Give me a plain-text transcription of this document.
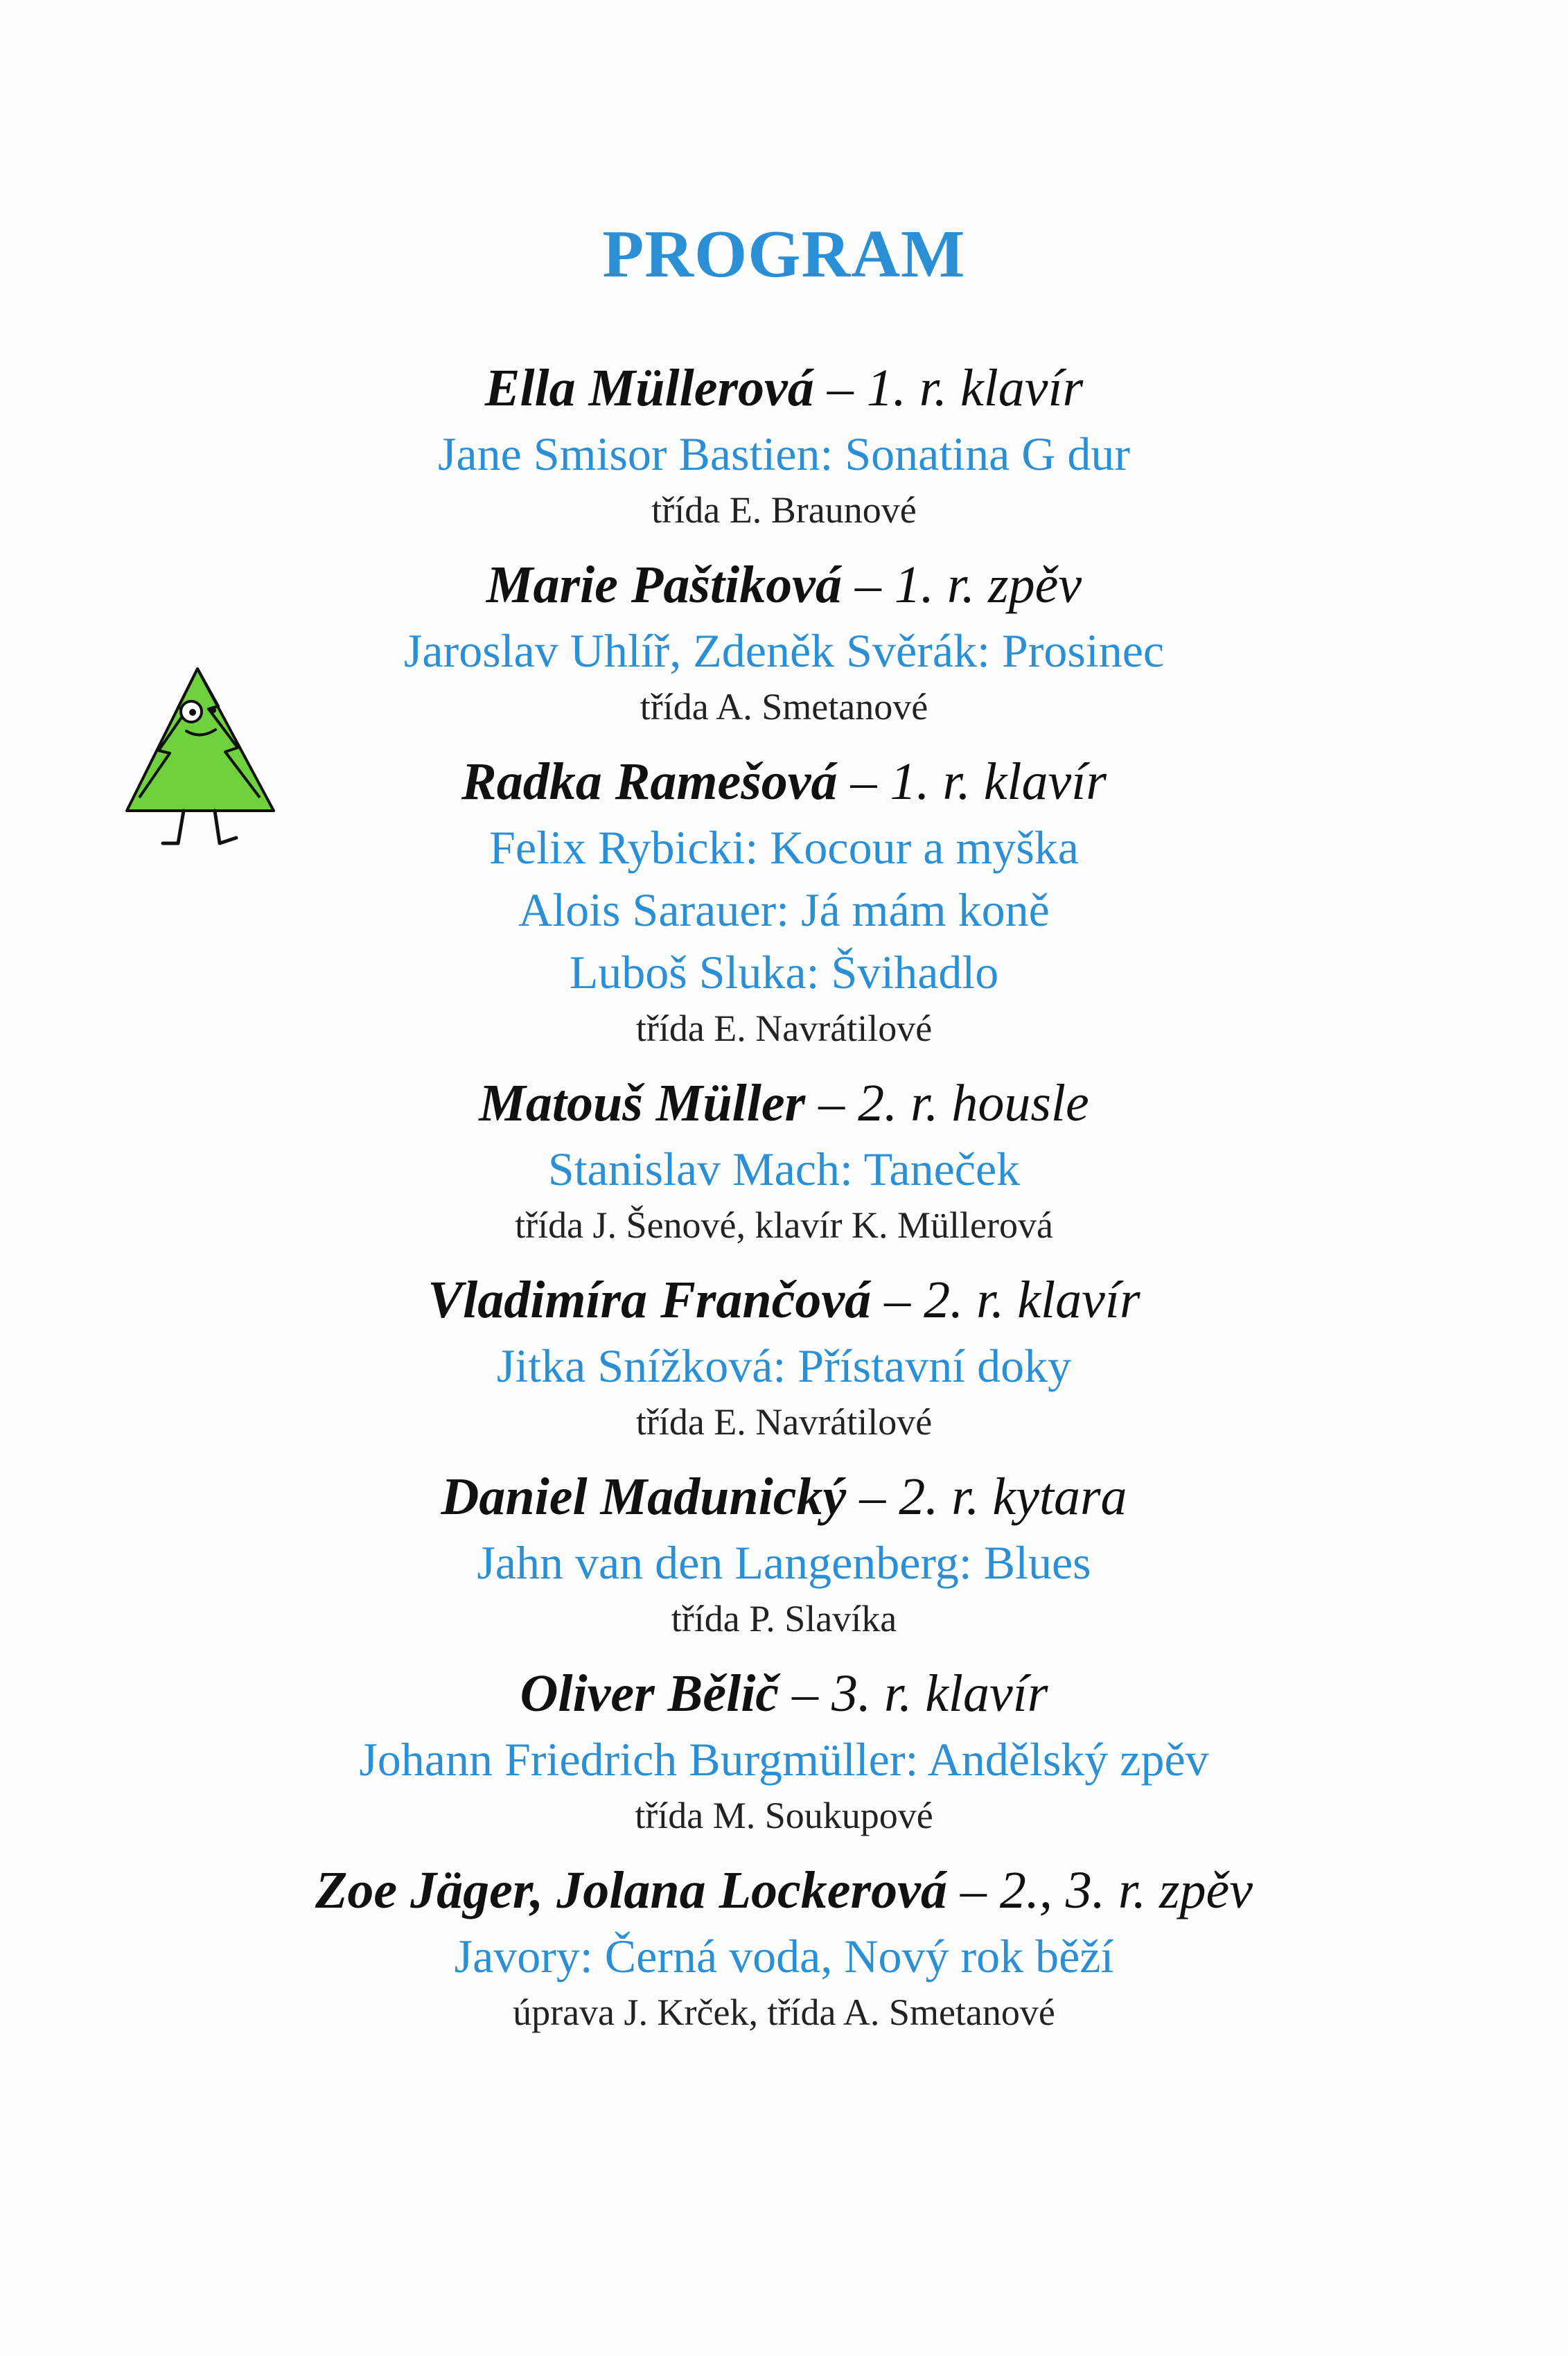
PROGRAM
Ella Müllerová – 1. r. klavír
Jane Smisor Bastien: Sonatina G dur
třída E. Braunové
Marie Paštiková – 1. r. zpěv
Jaroslav Uhlíř, Zdeněk Svěrák: Prosinec
třída A. Smetanové
Radka Ramešová – 1. r. klavír
Felix Rybicki: Kocour a myška
Alois Sarauer: Já mám koně
Luboš Sluka: Švihadlo
třída E. Navrátilové
Matouš Müller – 2. r. housle
Stanislav Mach: Taneček
třída J. Šenové, klavír K. Müllerová
Vladimíra Frančová – 2. r. klavír
Jitka Snížková: Přístavní doky
třída E. Navrátilové
Daniel Madunický – 2. r. kytara
Jahn van den Langenberg: Blues
třída P. Slavíka
Oliver Bělič – 3. r. klavír
Johann Friedrich Burgmüller: Andělský zpěv
třída M. Soukupové
Zoe Jäger, Jolana Lockerová – 2., 3. r. zpěv
Javory: Černá voda, Nový rok běží
úprava J. Krček, třída A. Smetanové
